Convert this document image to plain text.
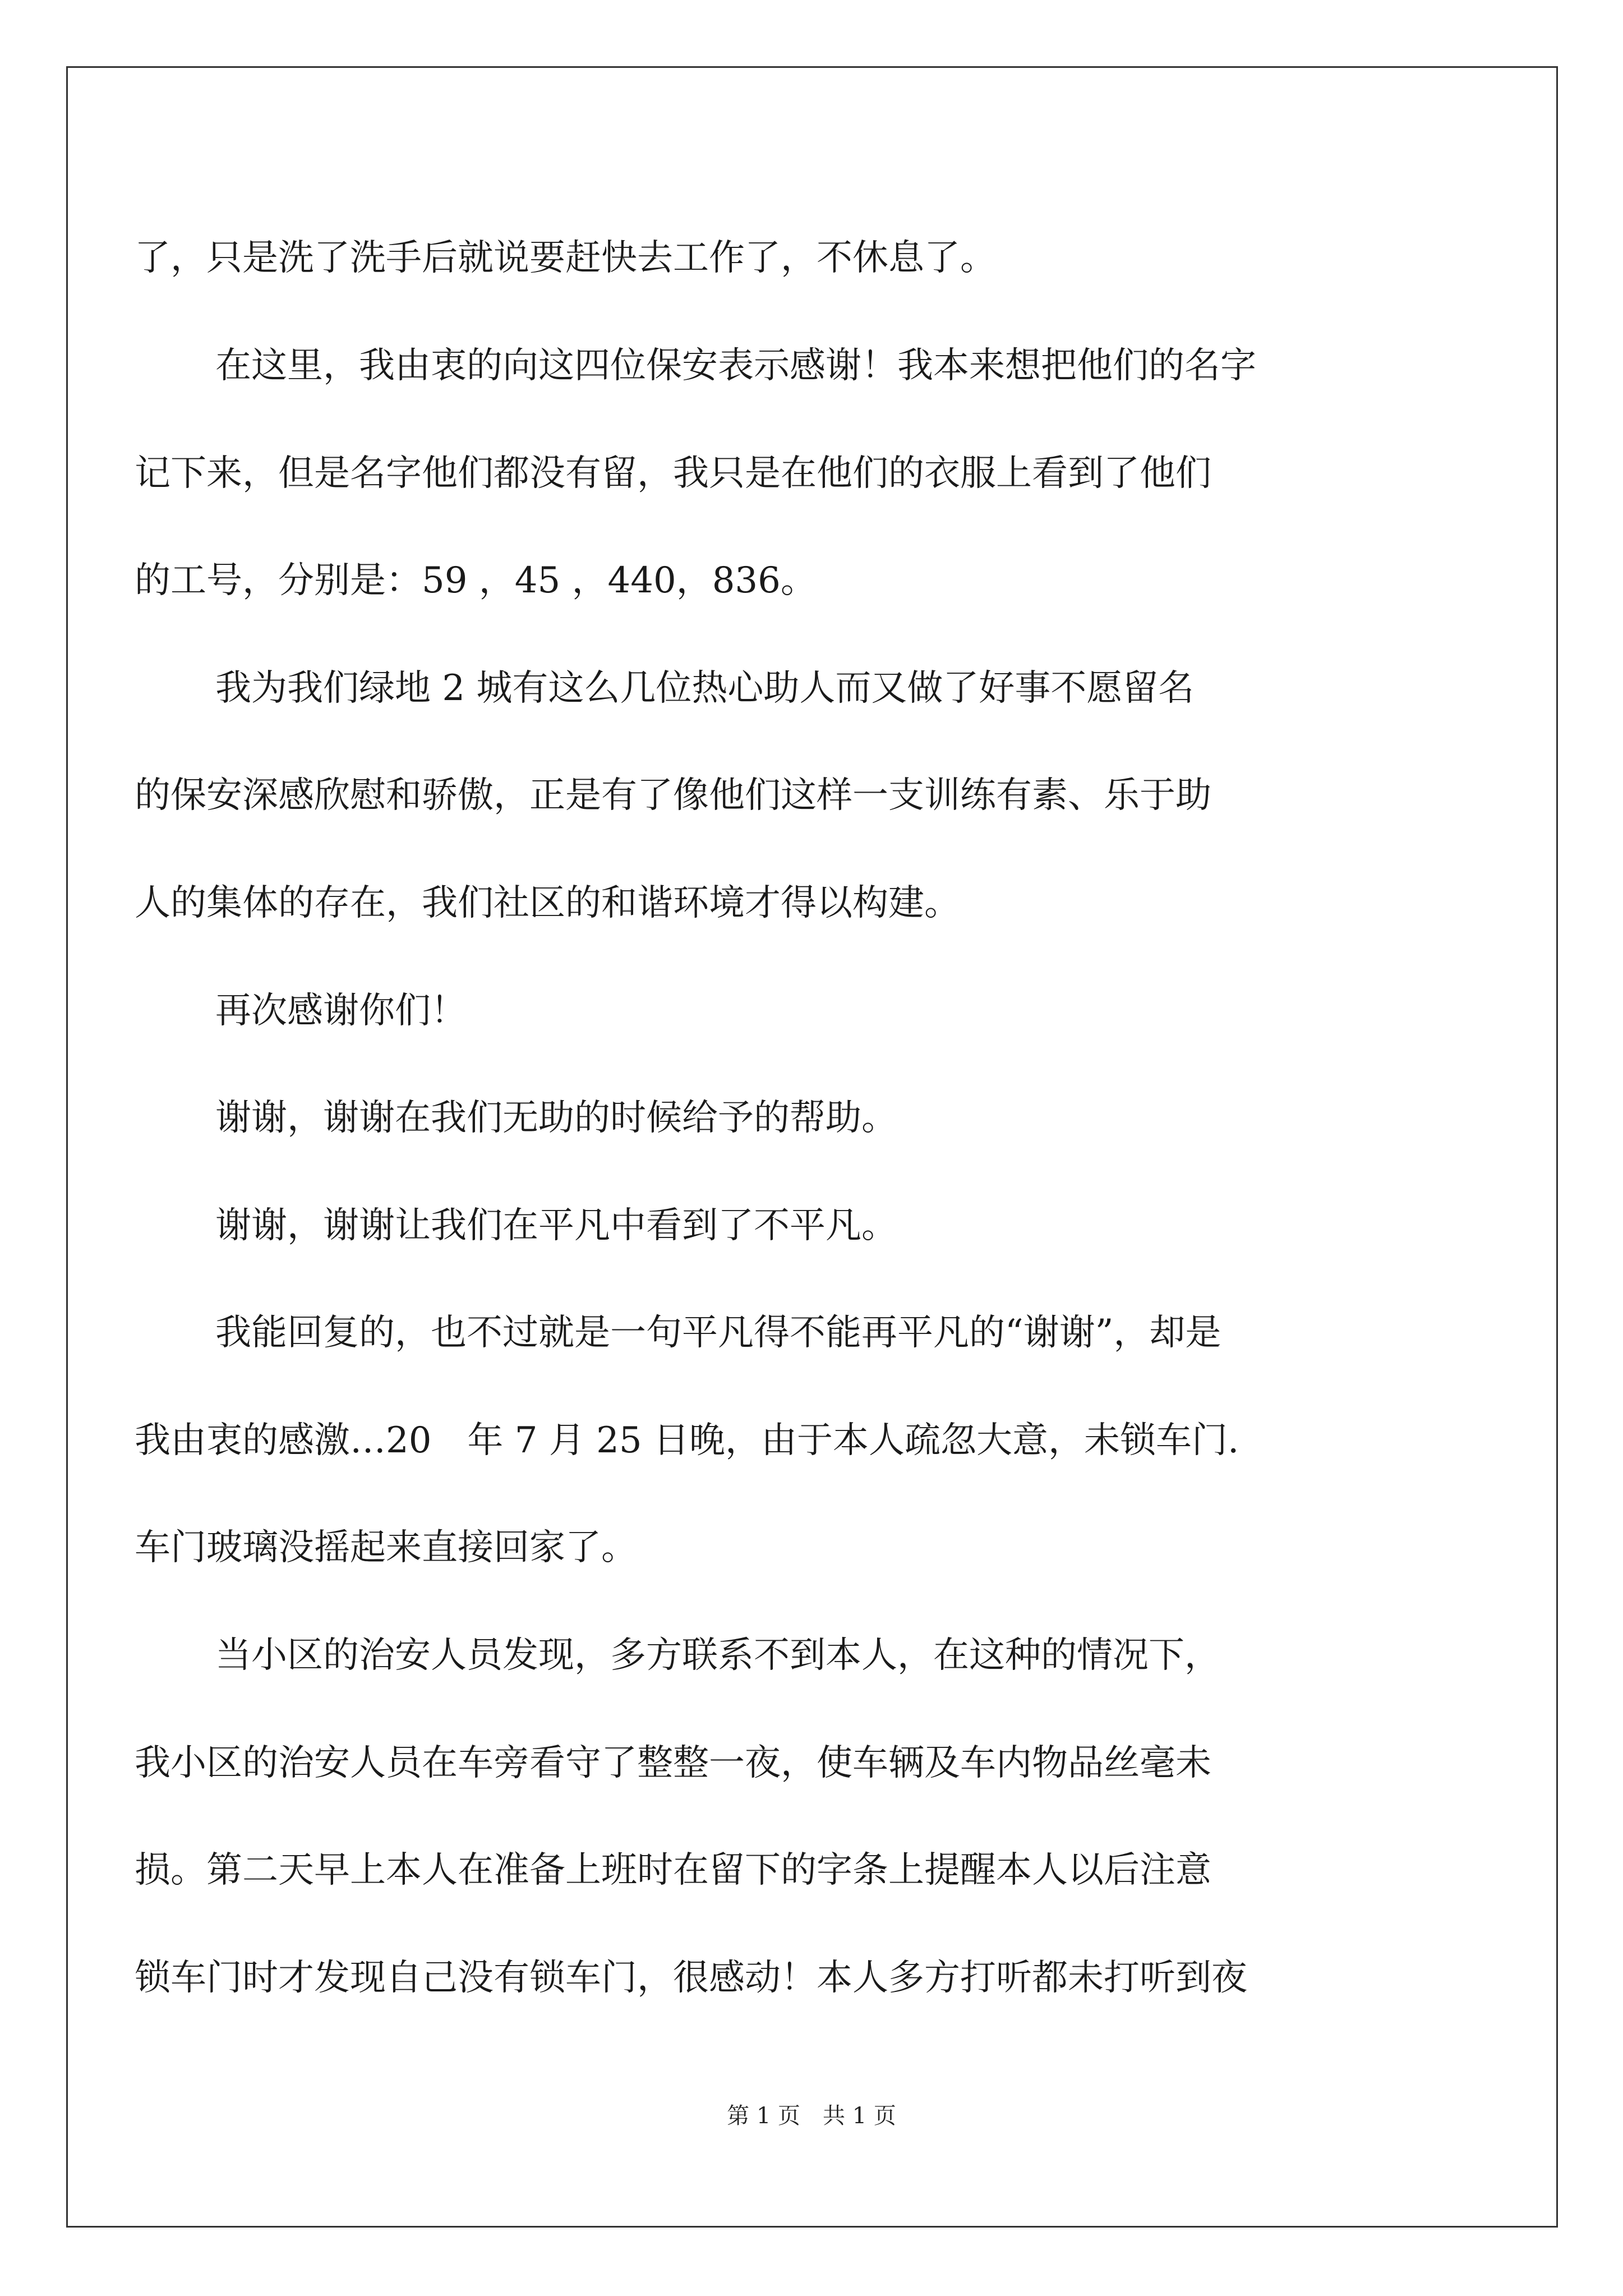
了，只是洗了洗手后就说要赶快去工作了，不休息了。
在这里，我由衷的向这四位保安表示感谢！我本来想把他们的名字
记下来，但是名字他们都没有留，我只是在他们的衣服上看到了他们
的工号，分别是：59 ，45 ，440，836。
我为我们绿地 2 城有这么几位热心助人而又做了好事不愿留名
的保安深感欣慰和骄傲，正是有了像他们这样一支训练有素、乐于助
人的集体的存在，我们社区的和谐环境才得以构建。
再次感谢你们！
谢谢，谢谢在我们无助的时候给予的帮助。
谢谢，谢谢让我们在平凡中看到了不平凡。
我能回复的，也不过就是一句平凡得不能再平凡的“谢谢”，却是
我由衷的感激…20　年 7 月 25 日晚，由于本人疏忽大意，未锁车门.
车门玻璃没摇起来直接回家了。
当小区的治安人员发现，多方联系不到本人，在这种的情况下，
我小区的治安人员在车旁看守了整整一夜，使车辆及车内物品丝毫未
损。第二天早上本人在准备上班时在留下的字条上提醒本人以后注意
锁车门时才发现自己没有锁车门，很感动！本人多方打听都未打听到夜
第 1 页　共 1 页
